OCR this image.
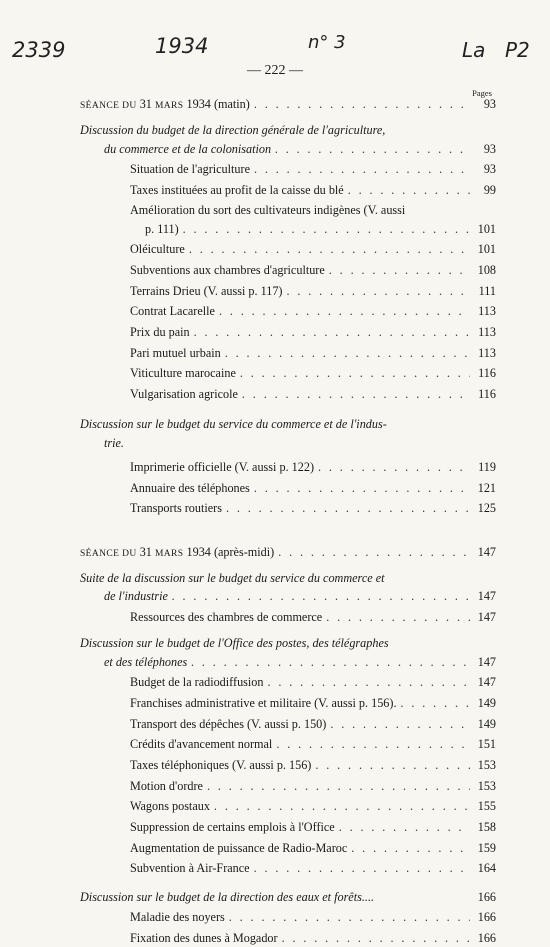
2339	1934	n° 3	La P2
— 222 —
Pages
SÉANCE DU 31 MARS 1934 (matin) . . .	93
Discussion du budget de la direction générale de l'agriculture,
du commerce et de la colonisation . . .	93
Situation de l'agriculture . . .	93
Taxes instituées au profit de la caisse du blé . . .	99
Amélioration du sort des cultivateurs indigènes (V. aussi
p. 111) . . .	101
Oléiculture . . .	101
Subventions aux chambres d'agriculture . . .	108
Terrains Drieu (V. aussi p. 117) . . .	111
Contrat Lacarelle . . .	113
Prix du pain . . .	113
Pari mutuel urbain . . .	113
Viticulture marocaine . . .	116
Vulgarisation agricole . . .	116
Discussion sur le budget du service du commerce et de l'indus-
trie.
Imprimerie officielle (V. aussi p. 122) . . .	119
Annuaire des téléphones . . .	121
Transports routiers . . .	125
SÉANCE DU 31 MARS 1934 (après-midi) . . .	147
Suite de la discussion sur le budget du service du commerce et
de l'industrie . . .	147
Ressources des chambres de commerce . . .	147
Discussion sur le budget de l'Office des postes, des télégraphes
et des téléphones . . .	147
Budget de la radiodiffusion . . .	147
Franchises administrative et militaire (V. aussi p. 156). . . .	149
Transport des dépêches (V. aussi p. 150) . . .	149
Crédits d'avancement normal . . .	151
Taxes téléphoniques (V. aussi p. 156) . . .	153
Motion d'ordre . . .	153
Wagons postaux . . .	155
Suppression de certains emplois à l'Office . . .	158
Augmentation de puissance de Radio-Maroc . . .	159
Subvention à Air-France . . .	164
Discussion sur le budget de la direction des eaux et forêts....	166
Maladie des noyers . . .	166
Fixation des dunes à Mogador . . .	166
